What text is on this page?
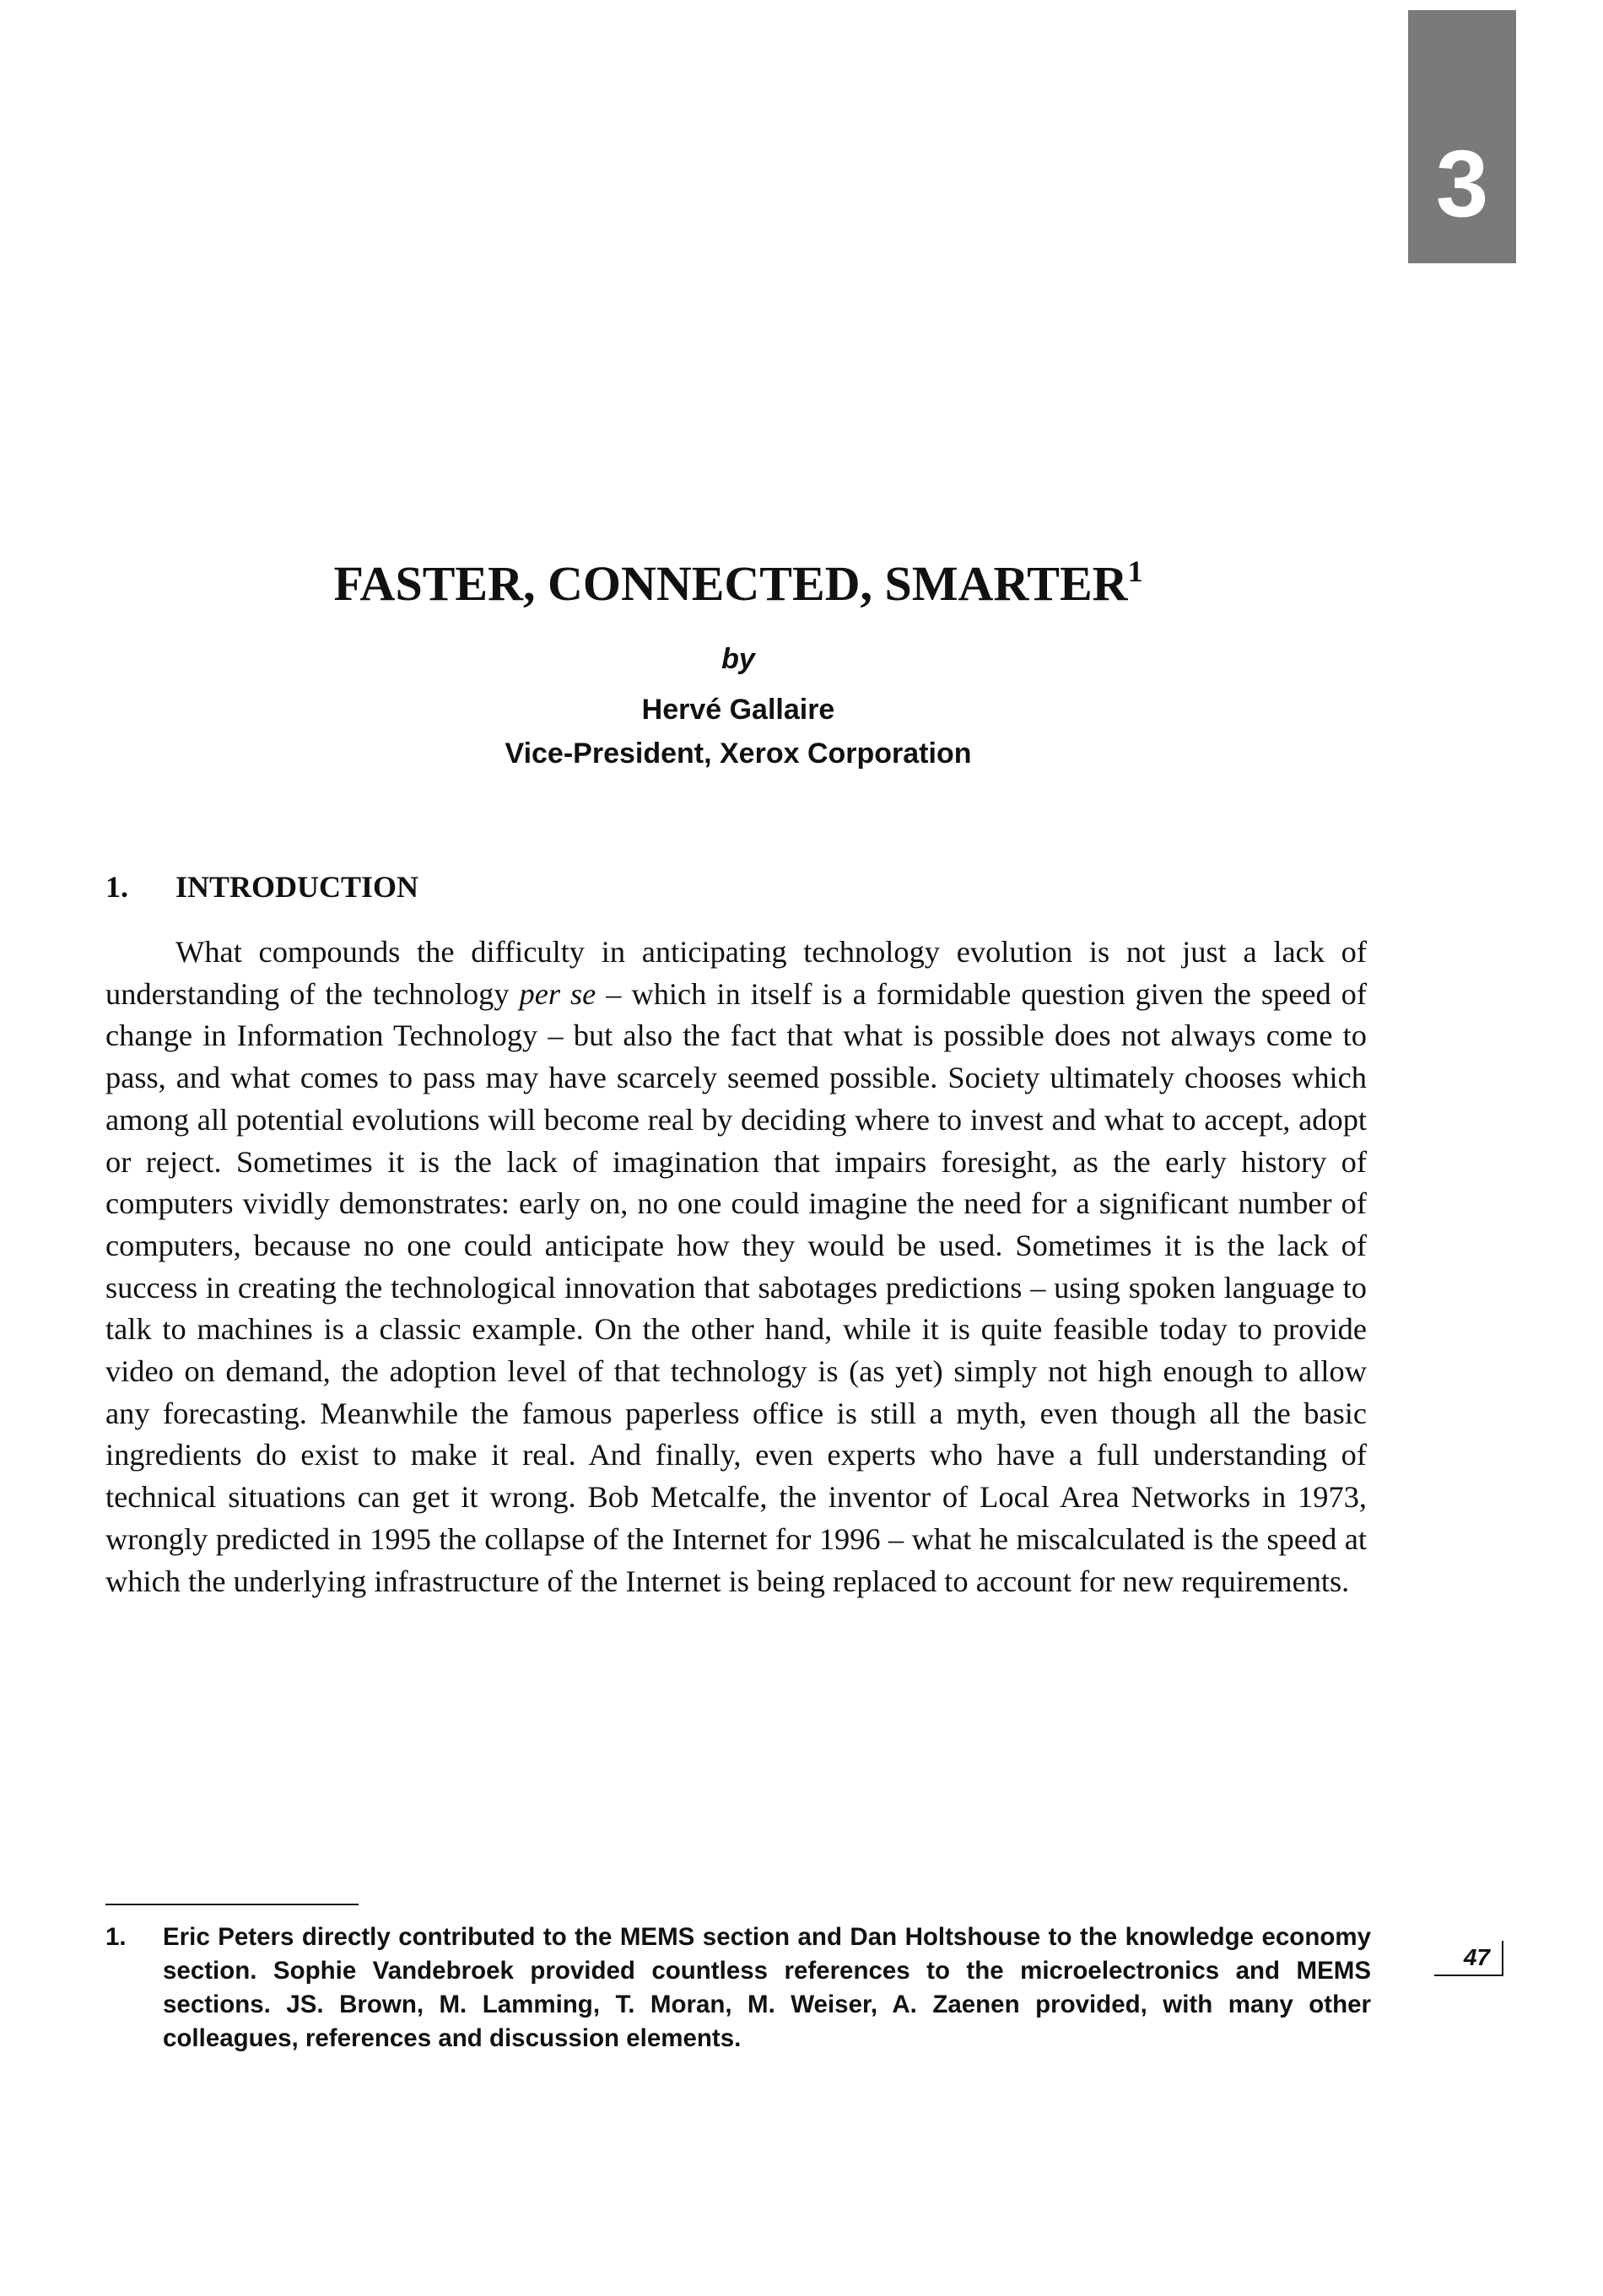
3
FASTER, CONNECTED, SMARTER$^1$

by

Hervé Gallaire

Vice-President, Xerox Corporation

1. INTRODUCTION

What compounds the difficulty in anticipating technology evolution is not just a lack of understanding of the technology per se – which in itself is a formidable question given the speed of change in Information Technology – but also the fact that what is possible does not always come to pass, and what comes to pass may have scarcely seemed possible. Society ultimately chooses which among all potential evolutions will become real by deciding where to invest and what to accept, adopt or reject. Sometimes it is the lack of imagination that impairs foresight, as the early history of computers vividly demonstrates: early on, no one could imagine the need for a significant number of computers, because no one could anticipate how they would be used. Sometimes it is the lack of success in creating the technological innovation that sabotages predictions – using spoken language to talk to machines is a classic example. On the other hand, while it is quite feasible today to provide video on demand, the adoption level of that technology is (as yet) simply not high enough to allow any forecasting. Meanwhile the famous paperless office is still a myth, even though all the basic ingredients do exist to make it real. And finally, even experts who have a full understanding of technical situations can get it wrong. Bob Metcalfe, the inventor of Local Area Networks in 1973, wrongly predicted in 1995 the collapse of the Internet for 1996 – what he miscalculated is the speed at which the underlying infrastructure of the Internet is being replaced to account for new requirements.

1. Eric Peters directly contributed to the MEMS section and Dan Holtshouse to the knowledge economy section. Sophie Vandebroek provided countless references to the microelectronics and MEMS sections. JS. Brown, M. Lamming, T. Moran, M. Weiser, A. Zaenen provided, with many other colleagues, references and discussion elements.

47
